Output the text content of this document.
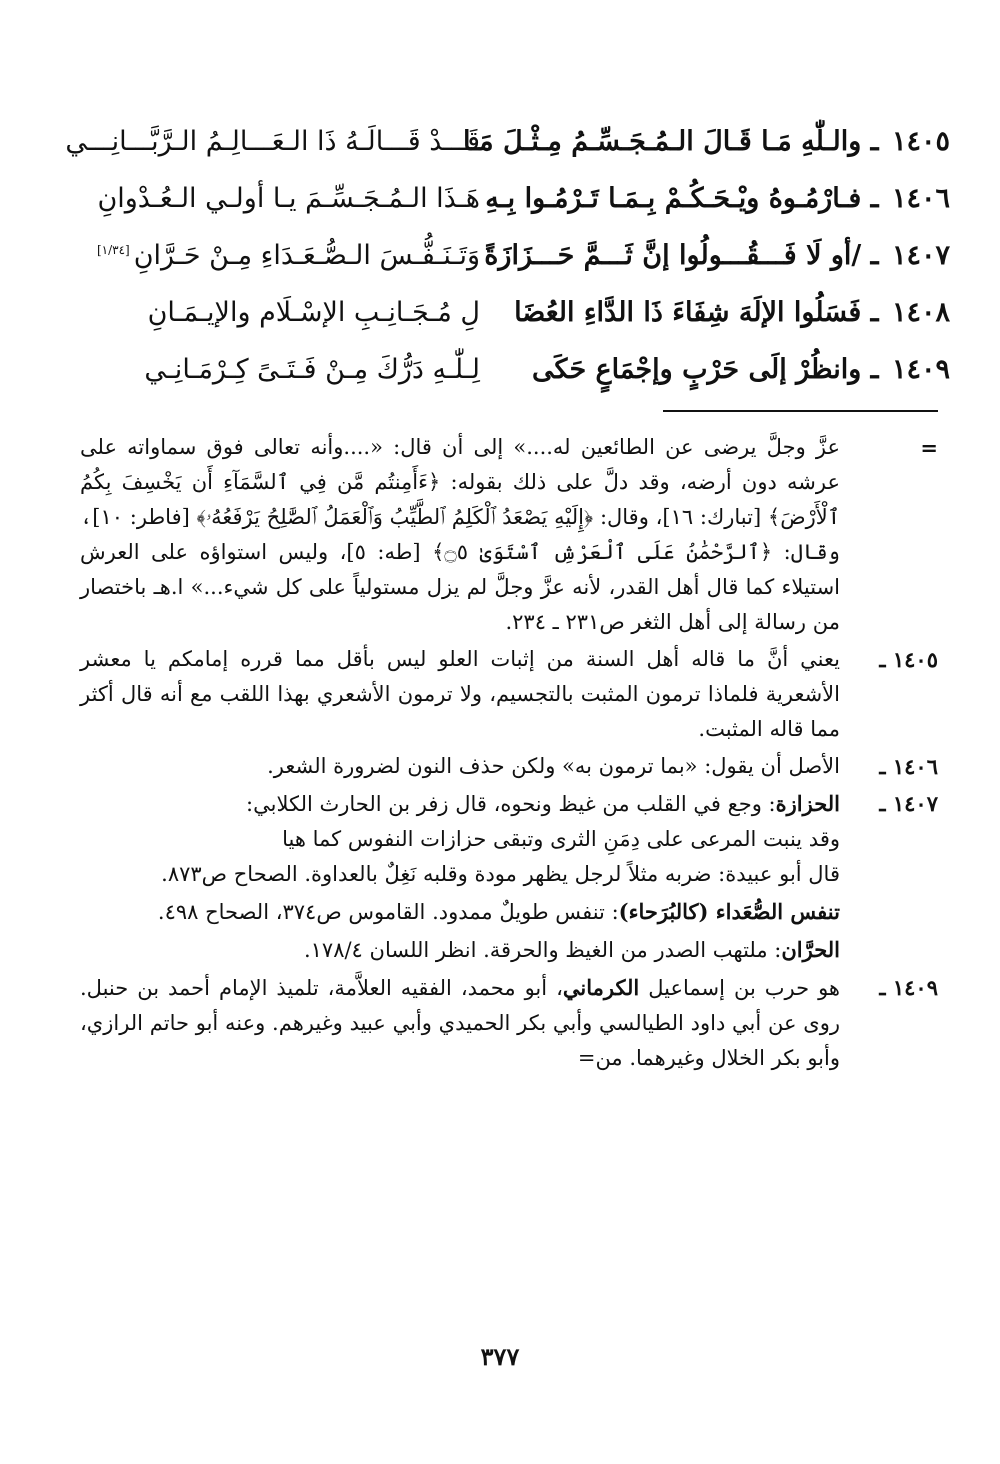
١٤٠٥ ـ والـلّٰهِ مَـا قَـالَ الـمُـجَـسِّـمُ مِـثْـلَ مَـا
قَـــدْ قَـــالَـهُ ذَا الـعَـــالِـمُ الـرَّبَّـــانِـــي
١٤٠٦ ـ فـارْمُـوهُ ويْـحَـكُـمْ بِـمَـا تَـرْمُـوا بِـهِ
هَـذَا الـمُـجَـسِّـمَ يـا أولـي الـعُـدْوانِ
١٤٠٧ ـ /أو لَا فَـــقُـــولُوا إنَّ ثَـــمَّ حَـــزَازَةً
وَتَـنَـفُّـسَ الـصُّـعَـدَاءِ مِـنْ حَـرَّانِ[١/٣٤]
١٤٠٨ ـ فَسَلُوا الإلَهَ شِفَاءَ ذَا الدَّاءِ العُضَا
لِ مُـجَـانِـبِ الإسْـلَام والإيـمَـانِ
١٤٠٩ ـ وانظُرْ إلَى حَرْبٍ وإجْمَاعٍ حَكَى
لِـلّٰـهِ دَرُّكَ مِـنْ فَـتَـىً كِـرْمَـانِـي
=
عزَّ وجلَّ يرضى عن الطائعين له....» إلى أن قال: «....وأنه تعالى فوق سماواته على عرشه دون أرضه، وقد دلَّ على ذلك بقوله: ﴿ءَأَمِنتُم مَّن فِي ٱلسَّمَآءِ أَن يَخْسِفَ بِكُمُ ٱلْأَرْضَ﴾ [تبارك: ١٦]، وقال: ﴿إِلَيْهِ يَصْعَدُ ٱلْكَلِمُ ٱلطَّيِّبُ وَٱلْعَمَلُ ٱلصَّٰلِحُ يَرْفَعُهُۥ﴾ [فاطر: ١٠]، وقال: ﴿ٱلرَّحْمَٰنُ عَلَى ٱلْعَرْشِ ٱسْتَوَىٰ ۝٥﴾ [طه: ٥]، وليس استواؤه على العرش استيلاء كما قال أهل القدر، لأنه عزَّ وجلَّ لم يزل مستولياً على كل شيء...» ا.هـ باختصار من رسالة إلى أهل الثغر ص٢٣١ ـ ٢٣٤.
١٤٠٥ ـ
يعني أنَّ ما قاله أهل السنة من إثبات العلو ليس بأقل مما قرره إمامكم يا معشر الأشعرية فلماذا ترمون المثبت بالتجسيم، ولا ترمون الأشعري بهذا اللقب مع أنه قال أكثر مما قاله المثبت.
١٤٠٦ ـ
الأصل أن يقول: «بما ترمون به» ولكن حذف النون لضرورة الشعر.
١٤٠٧ ـ
الحزازة: وجع في القلب من غيظ ونحوه، قال زفر بن الحارث الكلابي:
وقد ينبت المرعى على دِمَنِ الثرى وتبقى حزازات النفوس كما هيا
قال أبو عبيدة: ضربه مثلاً لرجل يظهر مودة وقلبه نَغِلٌ بالعداوة. الصحاح ص٨٧٣.
تنفس الصُّعَداء (كالبُرَحاء): تنفس طويلٌ ممدود. القاموس ص٣٧٤، الصحاح ٤٩٨.
الحرَّان: ملتهب الصدر من الغيظ والحرقة. انظر اللسان ١٧٨/٤.
١٤٠٩ ـ
هو حرب بن إسماعيل الكرماني، أبو محمد، الفقيه العلاَّمة، تلميذ الإمام أحمد بن حنبل. روى عن أبي داود الطيالسي وأبي بكر الحميدي وأبي عبيد وغيرهم. وعنه أبو حاتم الرازي، وأبو بكر الخلال وغيرهما. من=
٣٧٧
